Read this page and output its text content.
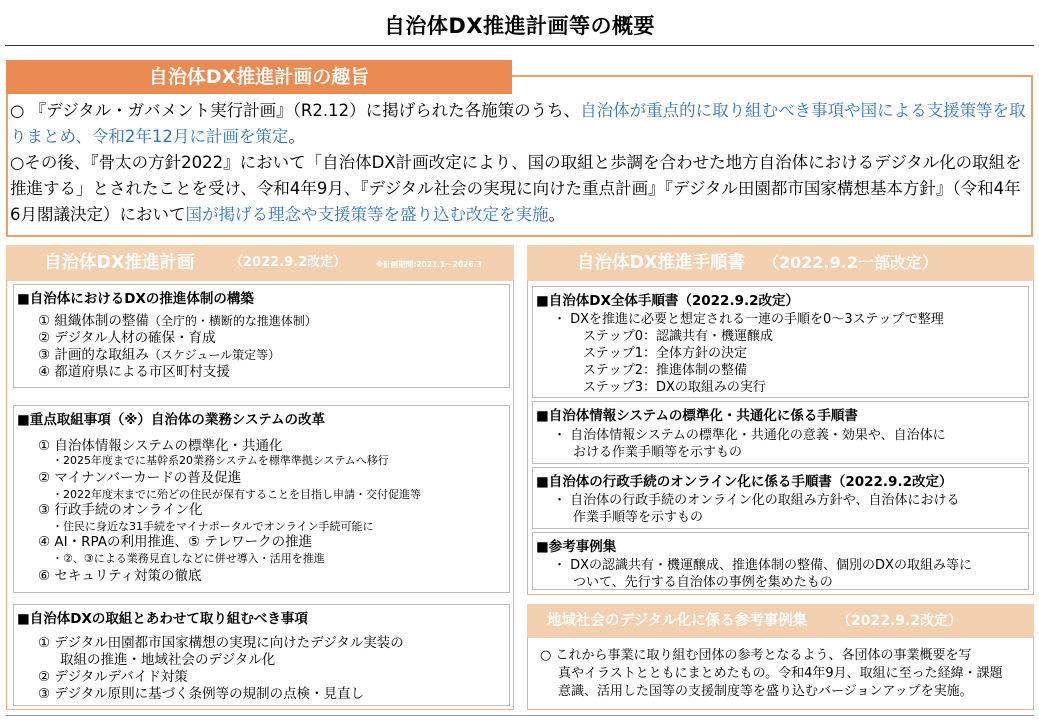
自治体DX推進計画等の概要
自治体DX推進計画の趣旨

○ 『デジタル・ガバメント実行計画』（R2.12）に掲げられた各施策のうち、自治体が重点的に取り組むべき事項や国による支援策等を取りまとめ、令和2年12月に計画を策定。

○その後、『骨太の方針2022』において「自治体DX計画改定により、国の取組と歩調を合わせた地方自治体におけるデジタル化の取組を推進する」とされたことを受け、令和4年9月、『デジタル社会の実現に向けた重点計画』『デジタル田園都市国家構想基本方針』（令和4年6月閣議決定）において国が掲げる理念や支援策等を盛り込む改定を実施。

自治体DX推進計画	（2022.9.2改定）	※計画期間:2021.1～2026.3
■自治体におけるDXの推進体制の構築
① 組織体制の整備（全庁的・横断的な推進体制）
② デジタル人材の確保・育成
③ 計画的な取組み（スケジュール策定等）
④ 都道府県による市区町村支援
■重点取組事項（※）自治体の業務システムの改革
① 自治体情報システムの標準化・共通化
・2025年度までに基幹系20業務システムを標準準拠システムへ移行
② マイナンバーカードの普及促進
・2022年度末までに殆どの住民が保有することを目指し申請・交付促進等
③ 行政手続のオンライン化
・住民に身近な31手続をマイナポータルでオンライン手続可能に
④ AI・RPAの利用推進、⑤ テレワークの推進
・②、③による業務見直しなどに併せ導入・活用を推進
⑥ セキュリティ対策の徹底
■自治体DXの取組とあわせて取り組むべき事項
① デジタル田園都市国家構想の実現に向けたデジタル実装の
取組の推進・地域社会のデジタル化
② デジタルデバイド対策
③ デジタル原則に基づく条例等の規制の点検・見直し
自治体DX推進手順書 （2022.9.2一部改定）
■自治体DX全体手順書（2022.9.2改定）
・ DXを推進に必要と想定される一連の手順を0～3ステップで整理
ステップ0：認識共有・機運醸成
ステップ1：全体方針の決定
ステップ2：推進体制の整備
ステップ3：DXの取組みの実行
■自治体情報システムの標準化・共通化に係る手順書
・ 自治体情報システムの標準化・共通化の意義・効果や、自治体に
おける作業手順等を示すもの
■自治体の行政手続のオンライン化に係る手順書（2022.9.2改定）
・ 自治体の行政手続のオンライン化の取組み方針や、自治体における
作業手順等を示すもの
■参考事例集
・ DXの認識共有・機運醸成、推進体制の整備、個別のDXの取組み等に
ついて、先行する自治体の事例を集めたもの
地域社会のデジタル化に係る参考事例集 （2022.9.2改定）
○ これから事業に取り組む団体の参考となるよう、各団体の事業概要を写
真やイラストとともにまとめたもの。令和4年9月、取組に至った経緯・課題
意識、活用した国等の支援制度等を盛り込むバージョンアップを実施。
